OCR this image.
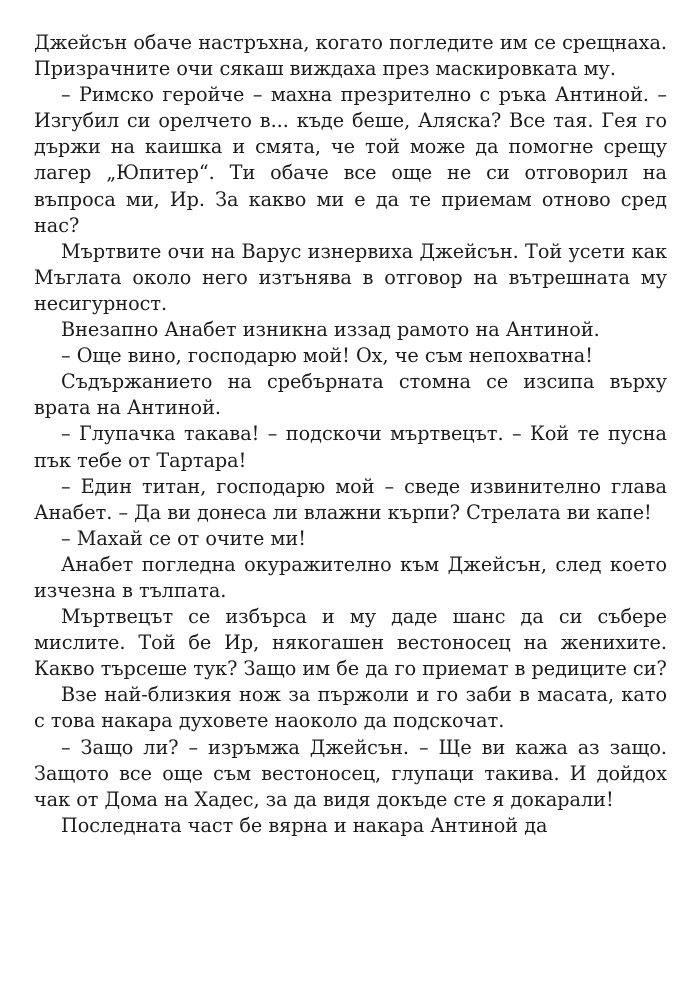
Джейсън обаче настръхна, когато погледите им се срещнаха. Призрачните очи сякаш виждаха през маскировката му.

– Римско геройче – махна презрително с ръка Антиной. – Изгубил си орелчето в... къде беше, Аляска? Все тая. Гея го държи на каишка и смята, че той може да помогне срещу лагер „Юпитер“. Ти обаче все още не си отговорил на въпроса ми, Ир. За какво ми е да те приемам отново сред нас?

Мъртвите очи на Варус изнервиха Джейсън. Той усети как Мъглата около него изтънява в отговор на вътрешната му несигурност.

Внезапно Анабет изникна иззад рамото на Антиной.

– Още вино, господарю мой! Ох, че съм непохватна!

Съдържанието на сребърната стомна се изсипа върху врата на Антиной.

– Глупачка такава! – подскочи мъртвецът. – Кой те пусна пък тебе от Тартара!

– Един титан, господарю мой – сведе извинително глава Анабет. – Да ви донеса ли влажни кърпи? Стрелата ви капе!

– Махай се от очите ми!

Анабет погледна окуражително към Джейсън, след което изчезна в тълпата.

Мъртвецът се избърса и му даде шанс да си събере мислите. Той бе Ир, някогашен вестоносец на женихите. Какво търсеше тук? Защо им бе да го приемат в редиците си?

Взе най-близкия нож за пържоли и го заби в масата, като с това накара духовете наоколо да подскочат.

– Защо ли? – изръмжа Джейсън. – Ще ви кажа аз защо. Защото все още съм вестоносец, глупаци такива. И дойдох чак от Дома на Хадес, за да видя докъде сте я докарали!

Последната част бе вярна и накара Антиной да
